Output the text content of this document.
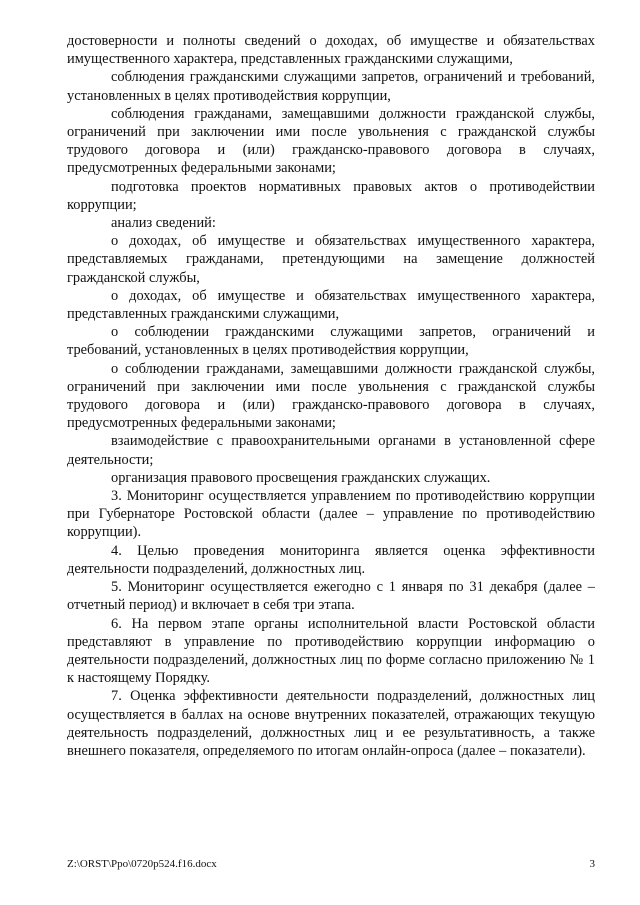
достоверности и полноты сведений о доходах, об имуществе и обязательствах имущественного характера, представленных гражданскими служащими,

соблюдения гражданскими служащими запретов, ограничений и требований, установленных в целях противодействия коррупции,

соблюдения гражданами, замещавшими должности гражданской службы, ограничений при заключении ими после увольнения с гражданской службы трудового договора и (или) гражданско-правового договора в случаях, предусмотренных федеральными законами;

подготовка проектов нормативных правовых актов о противодействии коррупции;

анализ сведений:

о доходах, об имуществе и обязательствах имущественного характера, представляемых гражданами, претендующими на замещение должностей гражданской службы,

о доходах, об имуществе и обязательствах имущественного характера, представленных гражданскими служащими,

о соблюдении гражданскими служащими запретов, ограничений и требований, установленных в целях противодействия коррупции,

о соблюдении гражданами, замещавшими должности гражданской службы, ограничений при заключении ими после увольнения с гражданской службы трудового договора и (или) гражданско-правового договора в случаях, предусмотренных федеральными законами;

взаимодействие с правоохранительными органами в установленной сфере деятельности;

организация правового просвещения гражданских служащих.

3. Мониторинг осуществляется управлением по противодействию коррупции при Губернаторе Ростовской области (далее – управление по противодействию коррупции).

4. Целью проведения мониторинга является оценка эффективности деятельности подразделений, должностных лиц.

5. Мониторинг осуществляется ежегодно с 1 января по 31 декабря (далее – отчетный период) и включает в себя три этапа.

6. На первом этапе органы исполнительной власти Ростовской области представляют в управление по противодействию коррупции информацию о деятельности подразделений, должностных лиц по форме согласно приложению № 1 к настоящему Порядку.

7. Оценка эффективности деятельности подразделений, должностных лиц осуществляется в баллах на основе внутренних показателей, отражающих текущую деятельность подразделений, должностных лиц и ее результативность, а также внешнего показателя, определяемого по итогам онлайн-опроса (далее – показатели).

Z:\ORST\Ppo\0720p524.f16.docx	3
